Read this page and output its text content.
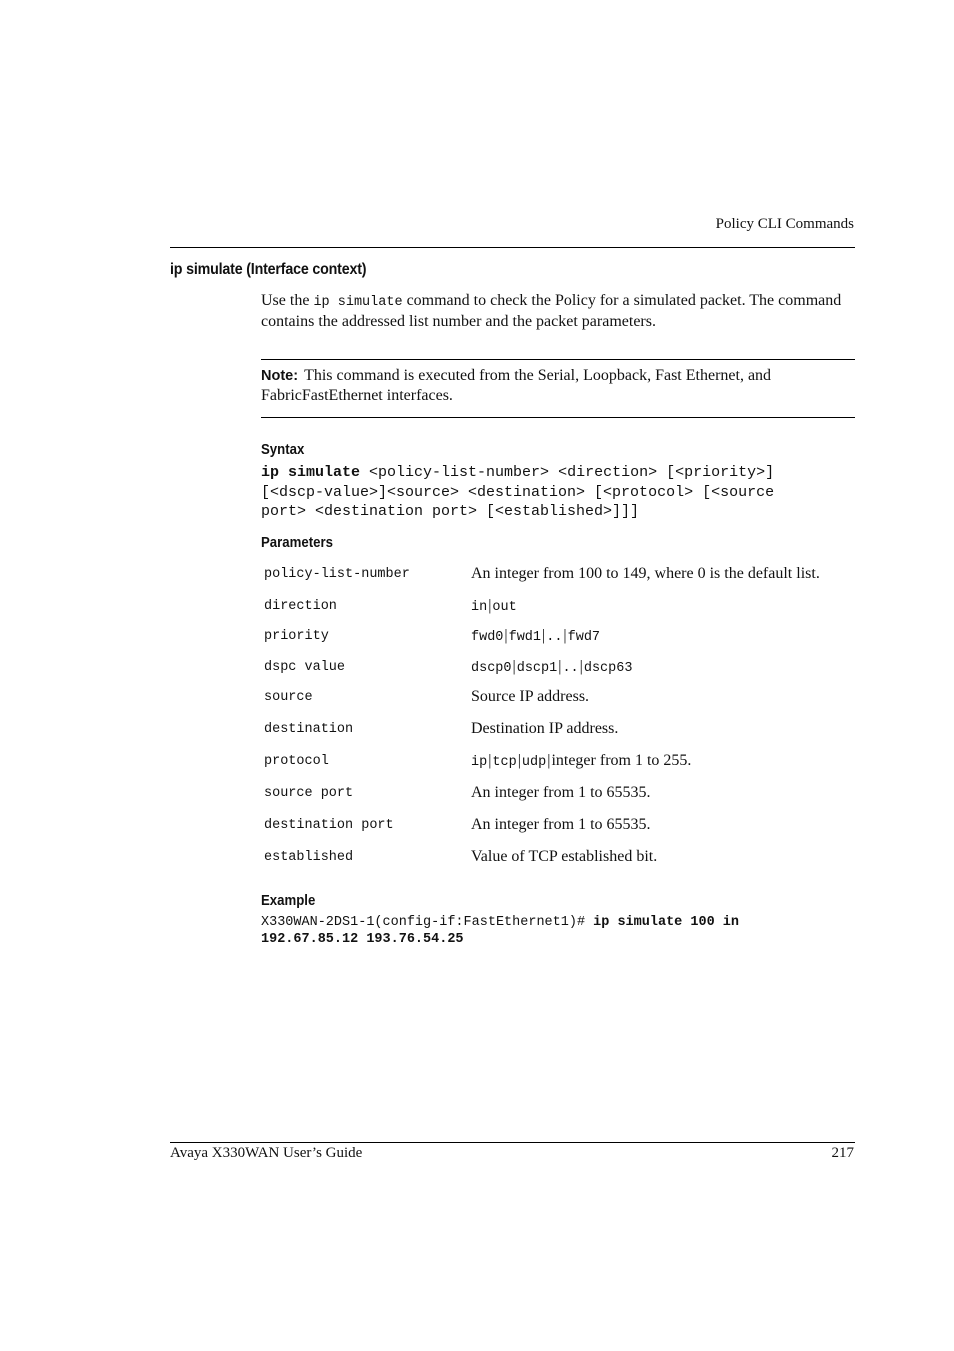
Policy CLI Commands
ip simulate (Interface context)
Use the ip simulate command to check the Policy for a simulated packet. The command contains the addressed list number and the packet parameters.
Note: This command is executed from the Serial, Loopback, Fast Ethernet, and FabricFastEthernet interfaces.
Syntax
ip simulate <policy-list-number> <direction> [<priority>]
[<dscp-value>]<source> <destination> [<protocol> [<source
port> <destination port> [<established>]]]
Parameters
policy-list-number	An integer from 100 to 149, where 0 is the default list.
direction	in|out
priority	fwd0|fwd1|..|fwd7
dspc value	dscp0|dscp1|..|dscp63
source	Source IP address.
destination	Destination IP address.
protocol	ip|tcp|udp|integer from 1 to 255.
source port	An integer from 1 to 65535.
destination port	An integer from 1 to 65535.
established	Value of TCP established bit.
Example
X330WAN-2DS1-1(config-if:FastEthernet1)# ip simulate 100 in
192.67.85.12 193.76.54.25
Avaya X330WAN User’s Guide	217
